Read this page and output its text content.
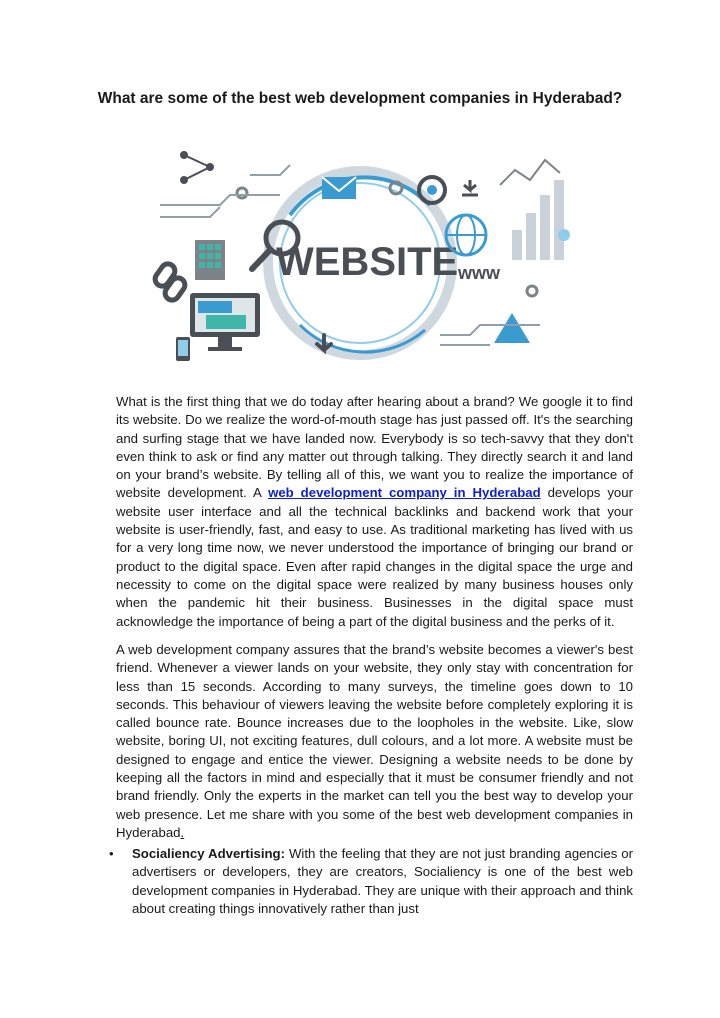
What are some of the best web development companies in Hyderabad?
WEBSITE www
What is the first thing that we do today after hearing about a brand? We google it to find its website. Do we realize the word-of-mouth stage has just passed off. It's the searching and surfing stage that we have landed now. Everybody is so tech-savvy that they don't even think to ask or find any matter out through talking. They directly search it and land on your brand’s website. By telling all of this, we want you to realize the importance of website development. A web development company in Hyderabad develops your website user interface and all the technical backlinks and backend work that your website is user-friendly, fast, and easy to use. As traditional marketing has lived with us for a very long time now, we never understood the importance of bringing our brand or product to the digital space. Even after rapid changes in the digital space the urge and necessity to come on the digital space were realized by many business houses only when the pandemic hit their business. Businesses in the digital space must acknowledge the importance of being a part of the digital business and the perks of it.
A web development company assures that the brand’s website becomes a viewer's best friend. Whenever a viewer lands on your website, they only stay with concentration for less than 15 seconds. According to many surveys, the timeline goes down to 10 seconds. This behaviour of viewers leaving the website before completely exploring it is called bounce rate. Bounce increases due to the loopholes in the website. Like, slow website, boring UI, not exciting features, dull colours, and a lot more. A website must be designed to engage and entice the viewer. Designing a website needs to be done by keeping all the factors in mind and especially that it must be consumer friendly and not brand friendly. Only the experts in the market can tell you the best way to develop your web presence. Let me share with you some of the best web development companies in Hyderabad.
• Socialiency Advertising: With the feeling that they are not just branding agencies or advertisers or developers, they are creators, Socialiency is one of the best web development companies in Hyderabad. They are unique with their approach and think about creating things innovatively rather than just
